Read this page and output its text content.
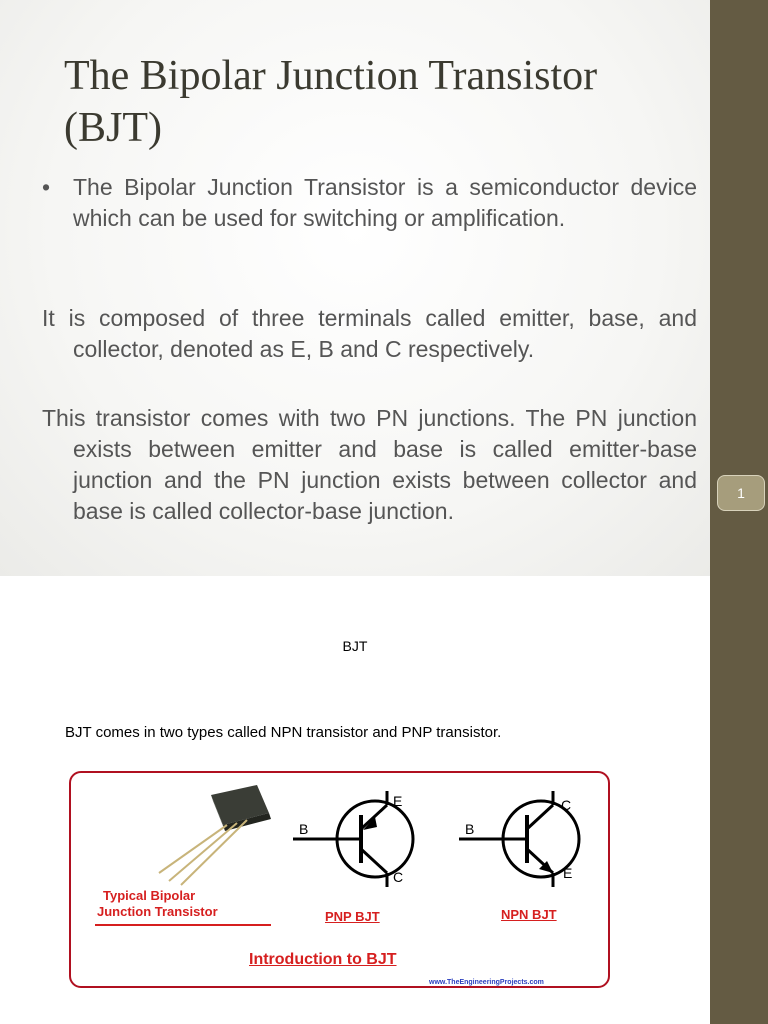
The Bipolar Junction Transistor (BJT)
• The Bipolar Junction Transistor is a semiconductor device which can be used for switching or amplification.
It is composed of three terminals called emitter, base, and collector, denoted as E, B and C respectively.
This transistor comes with two PN junctions. The PN junction exists between emitter and base is called emitter-base junction and the PN junction exists between collector and base is called collector-base junction.
1
BJT
BJT comes in two types called NPN transistor and PNP transistor.
B
E
C
B
C
E
Typical Bipolar
Junction Transistor	PNP BJT	NPN BJT
Introduction to BJT
www.TheEngineeringProjects.com
